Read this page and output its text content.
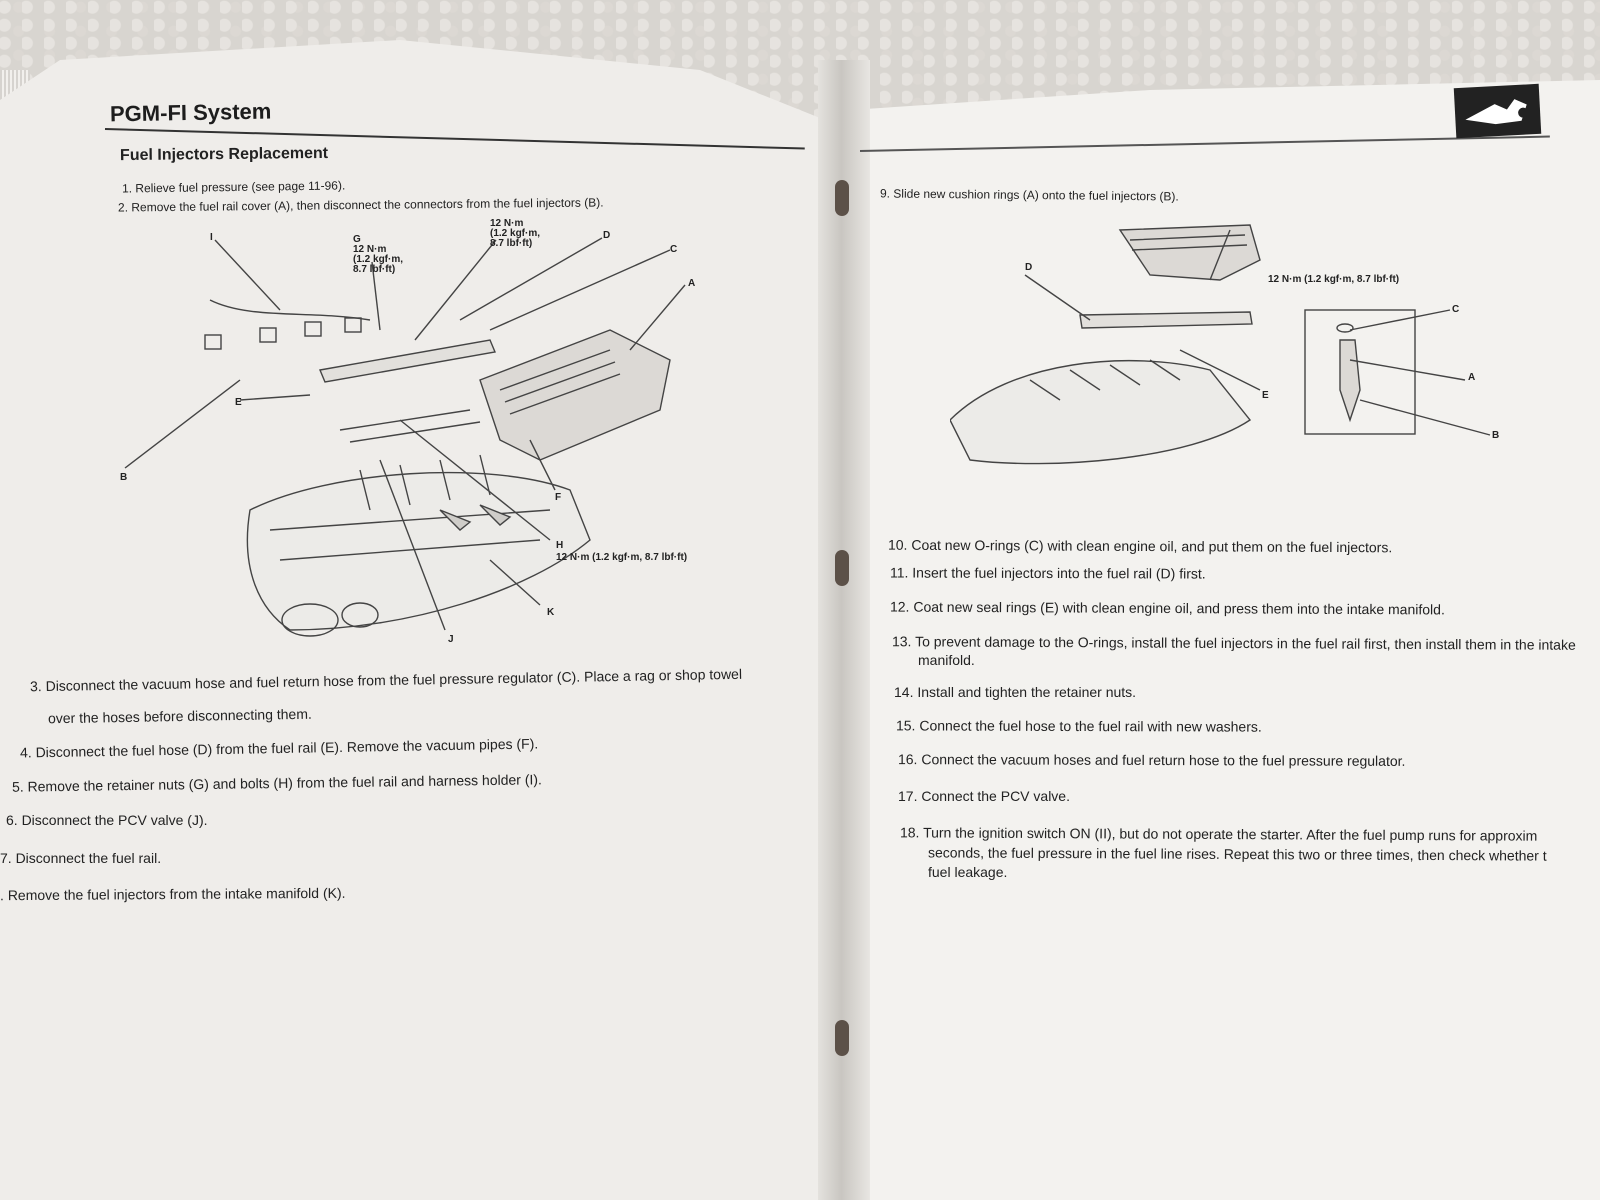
PGM-FI System
Fuel Injectors Replacement
1. Relieve fuel pressure (see page 11-96).
2. Remove the fuel rail cover (A), then disconnect the connectors from the fuel injectors (B).
3. Disconnect the vacuum hose and fuel return hose from the fuel pressure regulator (C). Place a rag or shop towel
over the hoses before disconnecting them.
4. Disconnect the fuel hose (D) from the fuel rail (E). Remove the vacuum pipes (F).
5. Remove the retainer nuts (G) and bolts (H) from the fuel rail and harness holder (I).
6. Disconnect the PCV valve (J).
7. Disconnect the fuel rail.
. Remove the fuel injectors from the intake manifold (K).
I	G
12 N·m
(1.2 kgf·m,
8.7 lbf·ft)
12 N·m
(1.2 kgf·m,
8.7 lbf·ft)
D
C
A
E
B
F
H
12 N·m (1.2 kgf·m, 8.7 lbf·ft)
K
J
D
12 N·m (1.2 kgf·m, 8.7 lbf·ft)
C
A
B
E
9. Slide new cushion rings (A) onto the fuel injectors (B).
10. Coat new O-rings (C) with clean engine oil, and put them on the fuel injectors.
11. Insert the fuel injectors into the fuel rail (D) first.
12. Coat new seal rings (E) with clean engine oil, and press them into the intake manifold.
13. To prevent damage to the O-rings, install the fuel injectors in the fuel rail first, then install them in the intake
manifold.
14. Install and tighten the retainer nuts.
15. Connect the fuel hose to the fuel rail with new washers.
16. Connect the vacuum hoses and fuel return hose to the fuel pressure regulator.
17. Connect the PCV valve.
18. Turn the ignition switch ON (II), but do not operate the starter. After the fuel pump runs for approxim
seconds, the fuel pressure in the fuel line rises. Repeat this two or three times, then check whether t
fuel leakage.
